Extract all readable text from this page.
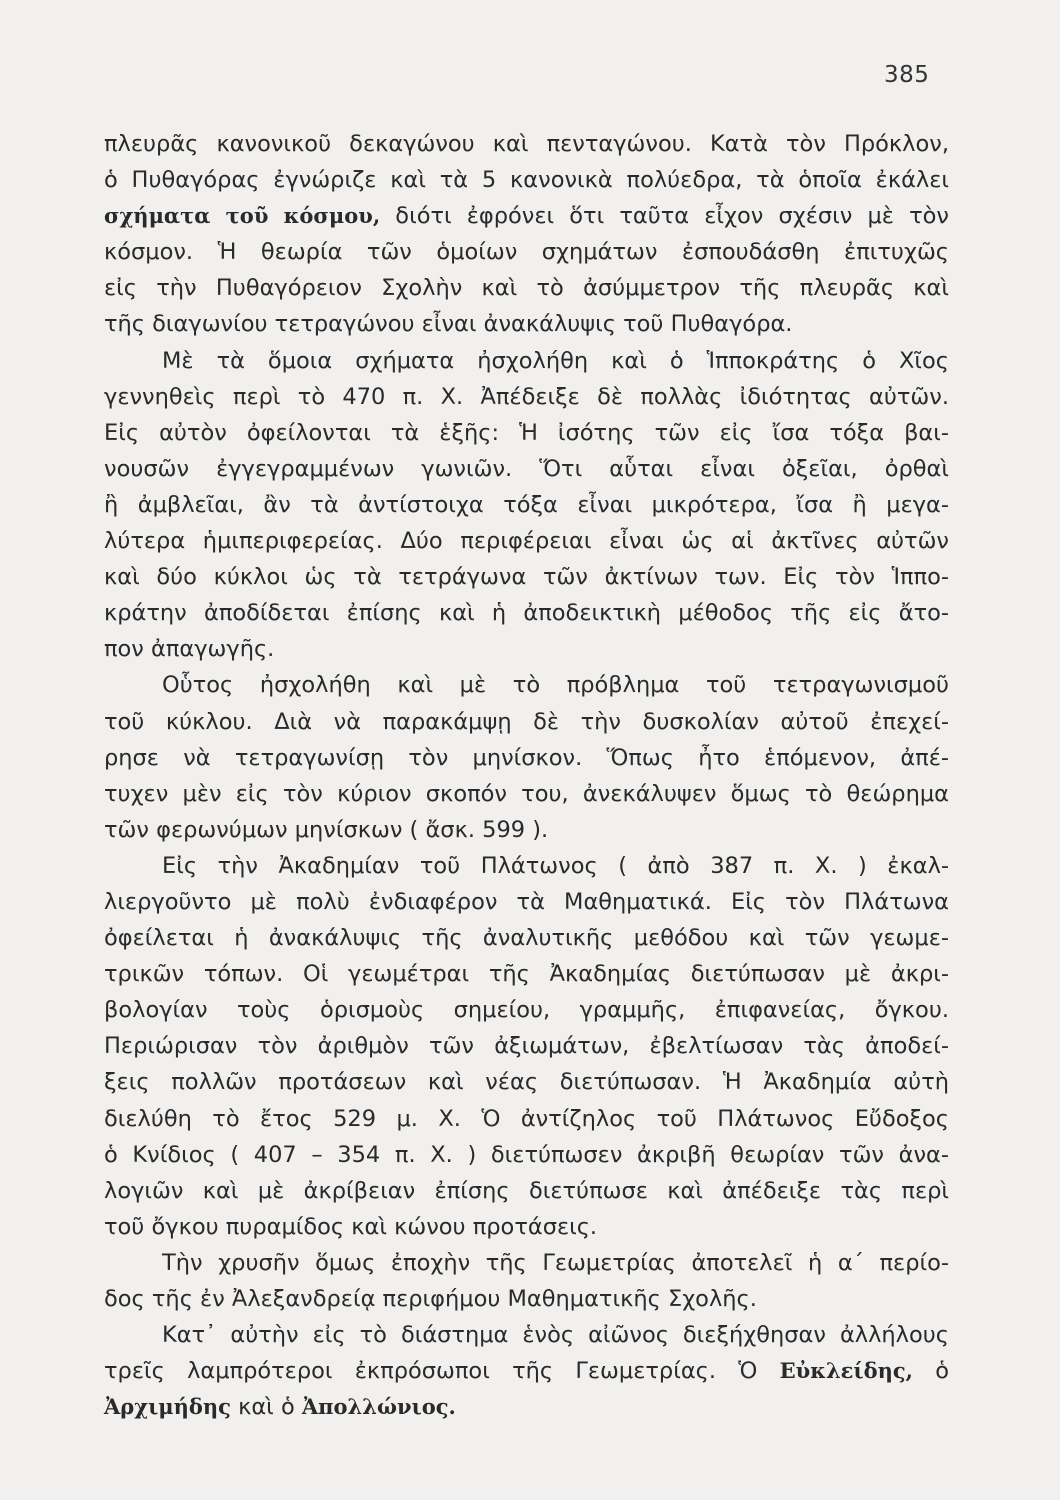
385
πλευρᾶς κανονικοῦ δεκαγώνου καὶ πενταγώνου. Κατὰ τὸν Πρόκλον,
ὁ Πυθαγόρας ἐγνώριζε καὶ τὰ 5 κανονικὰ πολύεδρα, τὰ ὁποῖα ἐκάλει
σχήματα τοῦ κόσμου, διότι ἐφρόνει ὅτι ταῦτα εἶχον σχέσιν μὲ τὸν
κόσμον. Ἡ θεωρία τῶν ὁμοίων σχημάτων ἐσπουδάσθη ἐπιτυχῶς
εἰς τὴν Πυθαγόρειον Σχολὴν καὶ τὸ ἀσύμμετρον τῆς πλευρᾶς καὶ
τῆς διαγωνίου τετραγώνου εἶναι ἀνακάλυψις τοῦ Πυθαγόρα.
Μὲ τὰ ὅμοια σχήματα ἠσχολήθη καὶ ὁ Ἱπποκράτης ὁ Χῖος
γεννηθεὶς περὶ τὸ 470 π. Χ. Ἀπέδειξε δὲ πολλὰς ἰδιότητας αὐτῶν.
Εἰς αὐτὸν ὀφείλονται τὰ ἑξῆς: Ἡ ἰσότης τῶν εἰς ἴσα τόξα βαι-
νουσῶν ἐγγεγραμμένων γωνιῶν. Ὅτι αὗται εἶναι ὀξεῖαι, ὀρθαὶ
ἢ ἀμβλεῖαι, ἂν τὰ ἀντίστοιχα τόξα εἶναι μικρότερα, ἴσα ἢ μεγα-
λύτερα ἡμιπεριφερείας. Δύο περιφέρειαι εἶναι ὡς αἱ ἀκτῖνες αὐτῶν
καὶ δύο κύκλοι ὡς τὰ τετράγωνα τῶν ἀκτίνων των. Εἰς τὸν Ἱππο-
κράτην ἀποδίδεται ἐπίσης καὶ ἡ ἀποδεικτικὴ μέθοδος τῆς εἰς ἄτο-
πον ἀπαγωγῆς.
Οὗτος ἠσχολήθη καὶ μὲ τὸ πρόβλημα τοῦ τετραγωνισμοῦ
τοῦ κύκλου. Διὰ νὰ παρακάμψῃ δὲ τὴν δυσκολίαν αὐτοῦ ἐπεχεί-
ρησε νὰ τετραγωνίσῃ τὸν μηνίσκον. Ὅπως ἦτο ἑπόμενον, ἀπέ-
τυχεν μὲν εἰς τὸν κύριον σκοπόν του, ἀνεκάλυψεν ὅμως τὸ θεώρημα
τῶν φερωνύμων μηνίσκων ( ἄσκ. 599 ).
Εἰς τὴν Ἀκαδημίαν τοῦ Πλάτωνος ( ἀπὸ 387 π. Χ. ) ἐκαλ-
λιεργοῦντο μὲ πολὺ ἐνδιαφέρον τὰ Μαθηματικά. Εἰς τὸν Πλάτωνα
ὀφείλεται ἡ ἀνακάλυψις τῆς ἀναλυτικῆς μεθόδου καὶ τῶν γεωμε-
τρικῶν τόπων. Οἱ γεωμέτραι τῆς Ἀκαδημίας διετύπωσαν μὲ ἀκρι-
βολογίαν τοὺς ὁρισμοὺς σημείου, γραμμῆς, ἐπιφανείας, ὄγκου.
Περιώρισαν τὸν ἀριθμὸν τῶν ἀξιωμάτων, ἐβελτίωσαν τὰς ἀποδεί-
ξεις πολλῶν προτάσεων καὶ νέας διετύπωσαν. Ἡ Ἀκαδημία αὐτὴ
διελύθη τὸ ἔτος 529 μ. Χ. Ὁ ἀντίζηλος τοῦ Πλάτωνος Εὔδοξος
ὁ Κνίδιος ( 407 – 354 π. Χ. ) διετύπωσεν ἀκριβῆ θεωρίαν τῶν ἀνα-
λογιῶν καὶ μὲ ἀκρίβειαν ἐπίσης διετύπωσε καὶ ἀπέδειξε τὰς περὶ
τοῦ ὄγκου πυραμίδος καὶ κώνου προτάσεις.
Τὴν χρυσῆν ὅμως ἐποχὴν τῆς Γεωμετρίας ἀποτελεῖ ἡ α΄ περίο-
δος τῆς ἐν Ἀλεξανδρείᾳ περιφήμου Μαθηματικῆς Σχολῆς.
Κατ᾽ αὐτὴν εἰς τὸ διάστημα ἑνὸς αἰῶνος διεξήχθησαν ἀλλήλους
τρεῖς λαμπρότεροι ἐκπρόσωποι τῆς Γεωμετρίας. Ὁ Εὐκλείδης, ὁ
Ἀρχιμήδης καὶ ὁ Ἀπολλώνιος.
